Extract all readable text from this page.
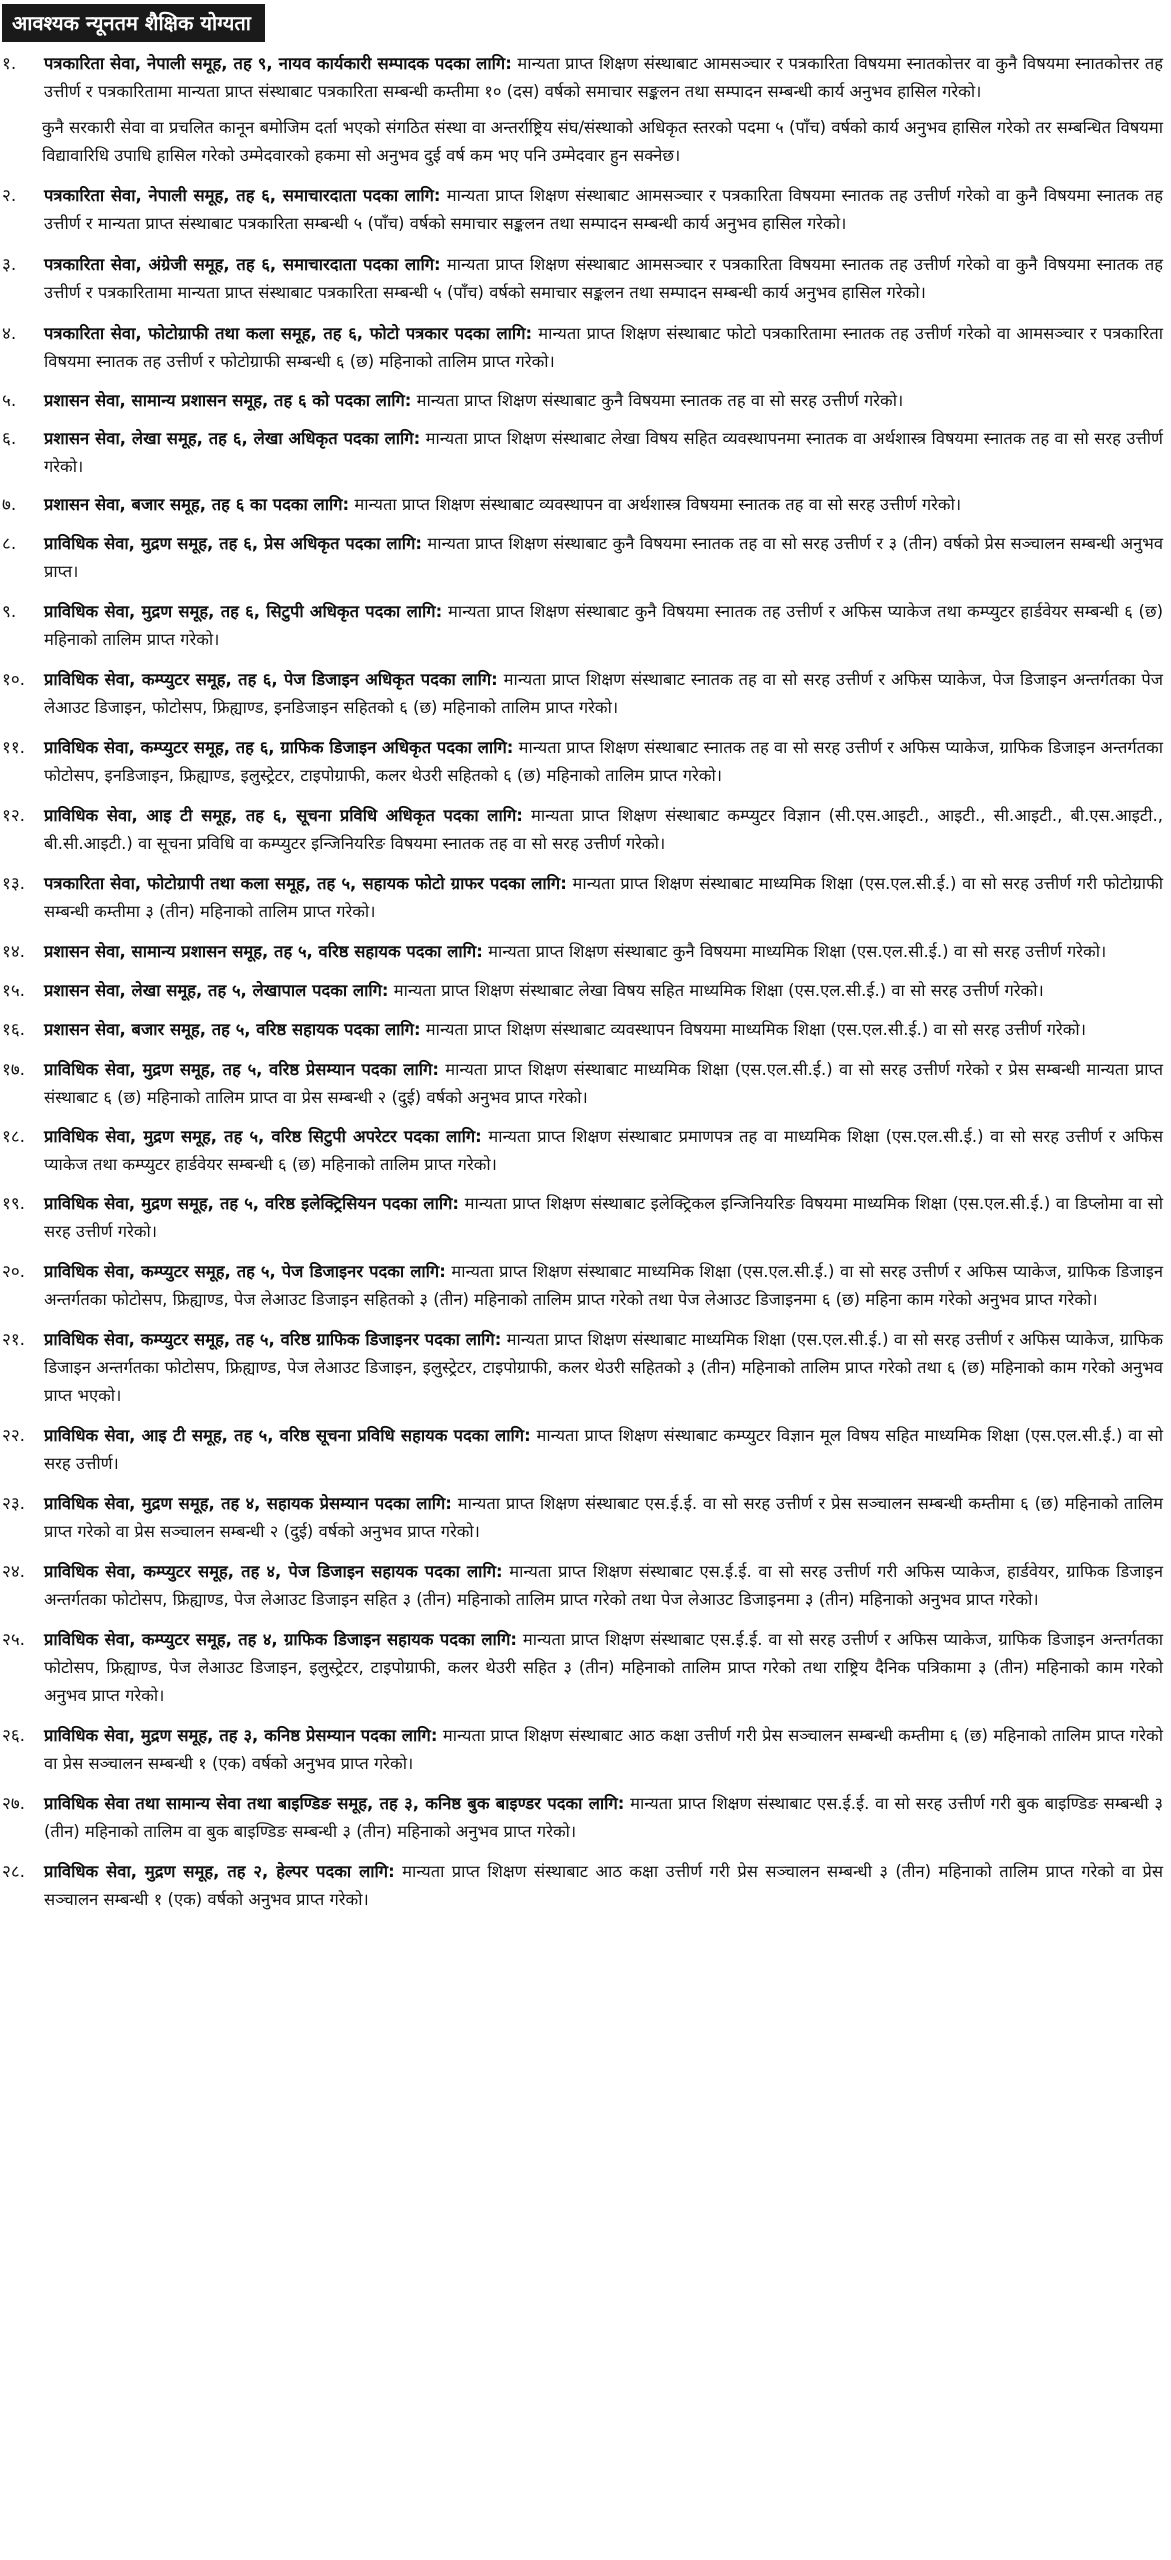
आवश्यक न्यूनतम शैक्षिक योग्यता
१.	पत्रकारिता सेवा, नेपाली समूह, तह ९, नायव कार्यकारी सम्पादक पदका लागि: मान्यता प्राप्त शिक्षण संस्थाबाट आमसञ्चार र पत्रकारिता विषयमा स्नातकोत्तर वा कुनै विषयमा स्नातकोत्तर तह उत्तीर्ण र पत्रकारितामा मान्यता प्राप्त संस्थाबाट पत्रकारिता सम्बन्धी कम्तीमा १० (दस) वर्षको समाचार सङ्कलन तथा सम्पादन सम्बन्धी कार्य अनुभव हासिल गरेको।
कुनै सरकारी सेवा वा प्रचलित कानून बमोजिम दर्ता भएको संगठित संस्था वा अन्तर्राष्ट्रिय संघ/संस्थाको अधिकृत स्तरको पदमा ५ (पाँच) वर्षको कार्य अनुभव हासिल गरेको तर सम्बन्धित विषयमा विद्यावारिधि उपाधि हासिल गरेको उम्मेदवारको हकमा सो अनुभव दुई वर्ष कम भए पनि उम्मेदवार हुन सक्नेछ।
२.	पत्रकारिता सेवा, नेपाली समूह, तह ६, समाचारदाता पदका लागि: मान्यता प्राप्त शिक्षण संस्थाबाट आमसञ्चार र पत्रकारिता विषयमा स्नातक तह उत्तीर्ण गरेको वा कुनै विषयमा स्नातक तह उत्तीर्ण र मान्यता प्राप्त संस्थाबाट पत्रकारिता सम्बन्धी ५ (पाँच) वर्षको समाचार सङ्कलन तथा सम्पादन सम्बन्धी कार्य अनुभव हासिल गरेको।
३.	पत्रकारिता सेवा, अंग्रेजी समूह, तह ६, समाचारदाता पदका लागि: मान्यता प्राप्त शिक्षण संस्थाबाट आमसञ्चार र पत्रकारिता विषयमा स्नातक तह उत्तीर्ण गरेको वा कुनै विषयमा स्नातक तह उत्तीर्ण र पत्रकारितामा मान्यता प्राप्त संस्थाबाट पत्रकारिता सम्बन्धी ५ (पाँच) वर्षको समाचार सङ्कलन तथा सम्पादन सम्बन्धी कार्य अनुभव हासिल गरेको।
४.	पत्रकारिता सेवा, फोटोग्राफी तथा कला समूह, तह ६, फोटो पत्रकार पदका लागि: मान्यता प्राप्त शिक्षण संस्थाबाट फोटो पत्रकारितामा स्नातक तह उत्तीर्ण गरेको वा आमसञ्चार र पत्रकारिता विषयमा स्नातक तह उत्तीर्ण र फोटोग्राफी सम्बन्धी ६ (छ) महिनाको तालिम प्राप्त गरेको।
५.	प्रशासन सेवा, सामान्य प्रशासन समूह, तह ६ को पदका लागि: मान्यता प्राप्त शिक्षण संस्थाबाट कुनै विषयमा स्नातक तह वा सो सरह उत्तीर्ण गरेको।
६.	प्रशासन सेवा, लेखा समूह, तह ६, लेखा अधिकृत पदका लागि: मान्यता प्राप्त शिक्षण संस्थाबाट लेखा विषय सहित व्यवस्थापनमा स्नातक वा अर्थशास्त्र विषयमा स्नातक तह वा सो सरह उत्तीर्ण गरेको।
७.	प्रशासन सेवा, बजार समूह, तह ६ का पदका लागि: मान्यता प्राप्त शिक्षण संस्थाबाट व्यवस्थापन वा अर्थशास्त्र विषयमा स्नातक तह वा सो सरह उत्तीर्ण गरेको।
८.	प्राविधिक सेवा, मुद्रण समूह, तह ६, प्रेस अधिकृत पदका लागि: मान्यता प्राप्त शिक्षण संस्थाबाट कुनै विषयमा स्नातक तह वा सो सरह उत्तीर्ण र ३ (तीन) वर्षको प्रेस सञ्चालन सम्बन्धी अनुभव प्राप्त।
९.	प्राविधिक सेवा, मुद्रण समूह, तह ६, सिटुपी अधिकृत पदका लागि: मान्यता प्राप्त शिक्षण संस्थाबाट कुनै विषयमा स्नातक तह उत्तीर्ण र अफिस प्याकेज तथा कम्प्युटर हार्डवेयर सम्बन्धी ६ (छ) महिनाको तालिम प्राप्त गरेको।
१०.	प्राविधिक सेवा, कम्प्युटर समूह, तह ६, पेज डिजाइन अधिकृत पदका लागि: मान्यता प्राप्त शिक्षण संस्थाबाट स्नातक तह वा सो सरह उत्तीर्ण र अफिस प्याकेज, पेज डिजाइन अन्तर्गतका पेज लेआउट डिजाइन, फोटोसप, फ्रिह्याण्ड, इनडिजाइन सहितको ६ (छ) महिनाको तालिम प्राप्त गरेको।
११.	प्राविधिक सेवा, कम्प्युटर समूह, तह ६, ग्राफिक डिजाइन अधिकृत पदका लागि: मान्यता प्राप्त शिक्षण संस्थाबाट स्नातक तह वा सो सरह उत्तीर्ण र अफिस प्याकेज, ग्राफिक डिजाइन अन्तर्गतका फोटोसप, इनडिजाइन, फ्रिह्याण्ड, इलुस्ट्रेटर, टाइपोग्राफी, कलर थेउरी सहितको ६ (छ) महिनाको तालिम प्राप्त गरेको।
१२.	प्राविधिक सेवा, आइ टी समूह, तह ६, सूचना प्रविधि अधिकृत पदका लागि: मान्यता प्राप्त शिक्षण संस्थाबाट कम्प्युटर विज्ञान (सी.एस.आइटी., आइटी., सी.आइटी., बी.एस.आइटी., बी.सी.आइटी.) वा सूचना प्रविधि वा कम्प्युटर इन्जिनियरिङ विषयमा स्नातक तह वा सो सरह उत्तीर्ण गरेको।
१३.	पत्रकारिता सेवा, फोटोग्रापी तथा कला समूह, तह ५, सहायक फोटो ग्राफर पदका लागि: मान्यता प्राप्त शिक्षण संस्थाबाट माध्यमिक शिक्षा (एस.एल.सी.ई.) वा सो सरह उत्तीर्ण गरी फोटोग्राफी सम्बन्धी कम्तीमा ३ (तीन) महिनाको तालिम प्राप्त गरेको।
१४.	प्रशासन सेवा, सामान्य प्रशासन समूह, तह ५, वरिष्ठ सहायक पदका लागि: मान्यता प्राप्त शिक्षण संस्थाबाट कुनै विषयमा माध्यमिक शिक्षा (एस.एल.सी.ई.) वा सो सरह उत्तीर्ण गरेको।
१५.	प्रशासन सेवा, लेखा समूह, तह ५, लेखापाल पदका लागि: मान्यता प्राप्त शिक्षण संस्थाबाट लेखा विषय सहित माध्यमिक शिक्षा (एस.एल.सी.ई.) वा सो सरह उत्तीर्ण गरेको।
१६.	प्रशासन सेवा, बजार समूह, तह ५, वरिष्ठ सहायक पदका लागि: मान्यता प्राप्त शिक्षण संस्थाबाट व्यवस्थापन विषयमा माध्यमिक शिक्षा (एस.एल.सी.ई.) वा सो सरह उत्तीर्ण गरेको।
१७.	प्राविधिक सेवा, मुद्रण समूह, तह ५, वरिष्ठ प्रेसम्यान पदका लागि: मान्यता प्राप्त शिक्षण संस्थाबाट माध्यमिक शिक्षा (एस.एल.सी.ई.) वा सो सरह उत्तीर्ण गरेको र प्रेस सम्बन्धी मान्यता प्राप्त संस्थाबाट ६ (छ) महिनाको तालिम प्राप्त वा प्रेस सम्बन्धी २ (दुई) वर्षको अनुभव प्राप्त गरेको।
१८.	प्राविधिक सेवा, मुद्रण समूह, तह ५, वरिष्ठ सिटुपी अपरेटर पदका लागि: मान्यता प्राप्त शिक्षण संस्थाबाट प्रमाणपत्र तह वा माध्यमिक शिक्षा (एस.एल.सी.ई.) वा सो सरह उत्तीर्ण र अफिस प्याकेज तथा कम्प्युटर हार्डवेयर सम्बन्धी ६ (छ) महिनाको तालिम प्राप्त गरेको।
१९.	प्राविधिक सेवा, मुद्रण समूह, तह ५, वरिष्ठ इलेक्ट्रिसियन पदका लागि: मान्यता प्राप्त शिक्षण संस्थाबाट इलेक्ट्रिकल इन्जिनियरिङ विषयमा माध्यमिक शिक्षा (एस.एल.सी.ई.) वा डिप्लोमा वा सो सरह उत्तीर्ण गरेको।
२०.	प्राविधिक सेवा, कम्प्युटर समूह, तह ५, पेज डिजाइनर पदका लागि: मान्यता प्राप्त शिक्षण संस्थाबाट माध्यमिक शिक्षा (एस.एल.सी.ई.) वा सो सरह उत्तीर्ण र अफिस प्याकेज, ग्राफिक डिजाइन अन्तर्गतका फोटोसप, फ्रिह्याण्ड, पेज लेआउट डिजाइन सहितको ३ (तीन) महिनाको तालिम प्राप्त गरेको तथा पेज लेआउट डिजाइनमा ६ (छ) महिना काम गरेको अनुभव प्राप्त गरेको।
२१.	प्राविधिक सेवा, कम्प्युटर समूह, तह ५, वरिष्ठ ग्राफिक डिजाइनर पदका लागि: मान्यता प्राप्त शिक्षण संस्थाबाट माध्यमिक शिक्षा (एस.एल.सी.ई.) वा सो सरह उत्तीर्ण र अफिस प्याकेज, ग्राफिक डिजाइन अन्तर्गतका फोटोसप, फ्रिह्याण्ड, पेज लेआउट डिजाइन, इलुस्ट्रेटर, टाइपोग्राफी, कलर थेउरी सहितको ३ (तीन) महिनाको तालिम प्राप्त गरेको तथा ६ (छ) महिनाको काम गरेको अनुभव प्राप्त भएको।
२२.	प्राविधिक सेवा, आइ टी समूह, तह ५, वरिष्ठ सूचना प्रविधि सहायक पदका लागि: मान्यता प्राप्त शिक्षण संस्थाबाट कम्प्युटर विज्ञान मूल विषय सहित माध्यमिक शिक्षा (एस.एल.सी.ई.) वा सो सरह उत्तीर्ण।
२३.	प्राविधिक सेवा, मुद्रण समूह, तह ४, सहायक प्रेसम्यान पदका लागि: मान्यता प्राप्त शिक्षण संस्थाबाट एस.ई.ई. वा सो सरह उत्तीर्ण र प्रेस सञ्चालन सम्बन्धी कम्तीमा ६ (छ) महिनाको तालिम प्राप्त गरेको वा प्रेस सञ्चालन सम्बन्धी २ (दुई) वर्षको अनुभव प्राप्त गरेको।
२४.	प्राविधिक सेवा, कम्प्युटर समूह, तह ४, पेज डिजाइन सहायक पदका लागि: मान्यता प्राप्त शिक्षण संस्थाबाट एस.ई.ई. वा सो सरह उत्तीर्ण गरी अफिस प्याकेज, हार्डवेयर, ग्राफिक डिजाइन अन्तर्गतका फोटोसप, फ्रिह्याण्ड, पेज लेआउट डिजाइन सहित ३ (तीन) महिनाको तालिम प्राप्त गरेको तथा पेज लेआउट डिजाइनमा ३ (तीन) महिनाको अनुभव प्राप्त गरेको।
२५.	प्राविधिक सेवा, कम्प्युटर समूह, तह ४, ग्राफिक डिजाइन सहायक पदका लागि: मान्यता प्राप्त शिक्षण संस्थाबाट एस.ई.ई. वा सो सरह उत्तीर्ण र अफिस प्याकेज, ग्राफिक डिजाइन अन्तर्गतका फोटोसप, फ्रिह्याण्ड, पेज लेआउट डिजाइन, इलुस्ट्रेटर, टाइपोग्राफी, कलर थेउरी सहित ३ (तीन) महिनाको तालिम प्राप्त गरेको तथा राष्ट्रिय दैनिक पत्रिकामा ३ (तीन) महिनाको काम गरेको अनुभव प्राप्त गरेको।
२६.	प्राविधिक सेवा, मुद्रण समूह, तह ३, कनिष्ठ प्रेसम्यान पदका लागि: मान्यता प्राप्त शिक्षण संस्थाबाट आठ कक्षा उत्तीर्ण गरी प्रेस सञ्चालन सम्बन्धी कम्तीमा ६ (छ) महिनाको तालिम प्राप्त गरेको वा प्रेस सञ्चालन सम्बन्धी १ (एक) वर्षको अनुभव प्राप्त गरेको।
२७.	प्राविधिक सेवा तथा सामान्य सेवा तथा बाइण्डिङ समूह, तह ३, कनिष्ठ बुक बाइण्डर पदका लागि: मान्यता प्राप्त शिक्षण संस्थाबाट एस.ई.ई. वा सो सरह उत्तीर्ण गरी बुक बाइण्डिङ सम्बन्धी ३ (तीन) महिनाको तालिम वा बुक बाइण्डिङ सम्बन्धी ३ (तीन) महिनाको अनुभव प्राप्त गरेको।
२८.	प्राविधिक सेवा, मुद्रण समूह, तह २, हेल्पर पदका लागि: मान्यता प्राप्त शिक्षण संस्थाबाट आठ कक्षा उत्तीर्ण गरी प्रेस सञ्चालन सम्बन्धी ३ (तीन) महिनाको तालिम प्राप्त गरेको वा प्रेस सञ्चालन सम्बन्धी १ (एक) वर्षको अनुभव प्राप्त गरेको।
